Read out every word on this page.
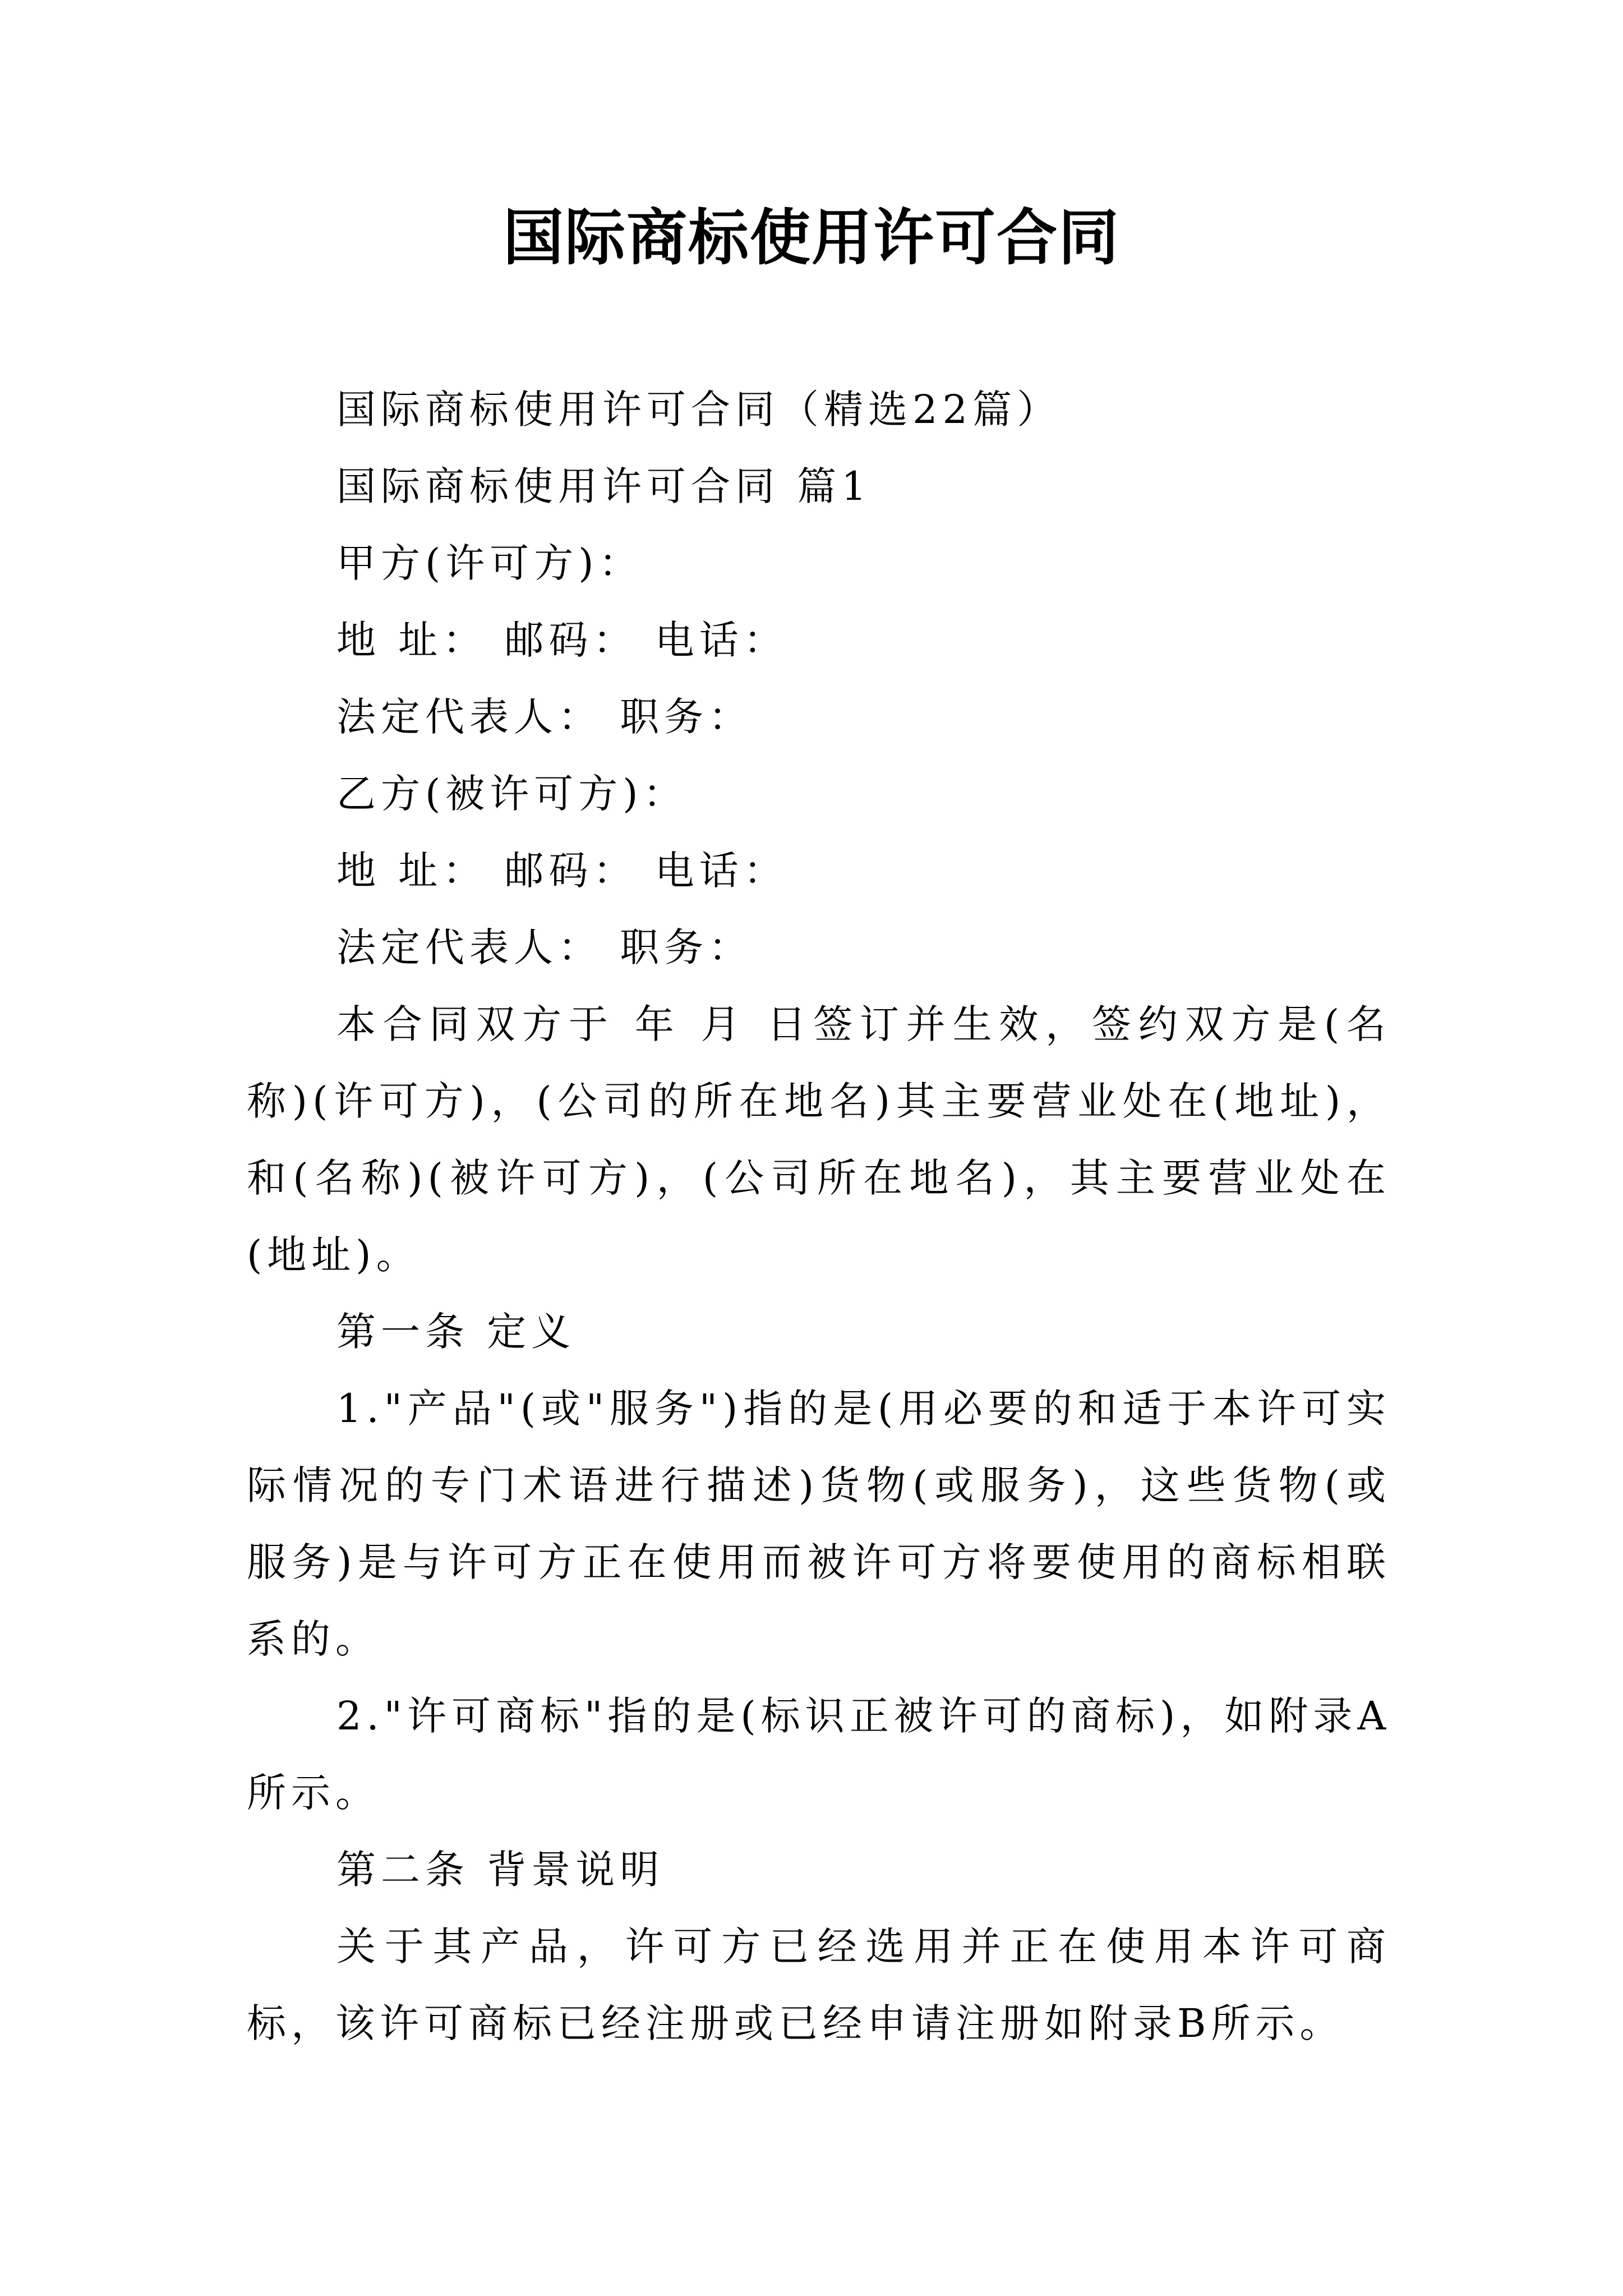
国际商标使用许可合同

国际商标使用许可合同（精选22篇）

国际商标使用许可合同 篇1

甲方(许可方)：

地 址： 邮码： 电话：

法定代表人： 职务：

乙方(被许可方)：

地 址： 邮码： 电话：

法定代表人： 职务：

本合同双方于 年 月 日签订并生效，签约双方是(名称)(许可方)，(公司的所在地名)其主要营业处在(地址)，和(名称)(被许可方)，(公司所在地名)，其主要营业处在(地址)。

第一条 定义

1."产品"(或"服务")指的是(用必要的和适于本许可实际情况的专门术语进行描述)货物(或服务)，这些货物(或服务)是与许可方正在使用而被许可方将要使用的商标相联系的。

2."许可商标"指的是(标识正被许可的商标)，如附录A所示。

第二条 背景说明

关于其产品，许可方已经选用并正在使用本许可商标，该许可商标已经注册或已经申请注册如附录B所示。
